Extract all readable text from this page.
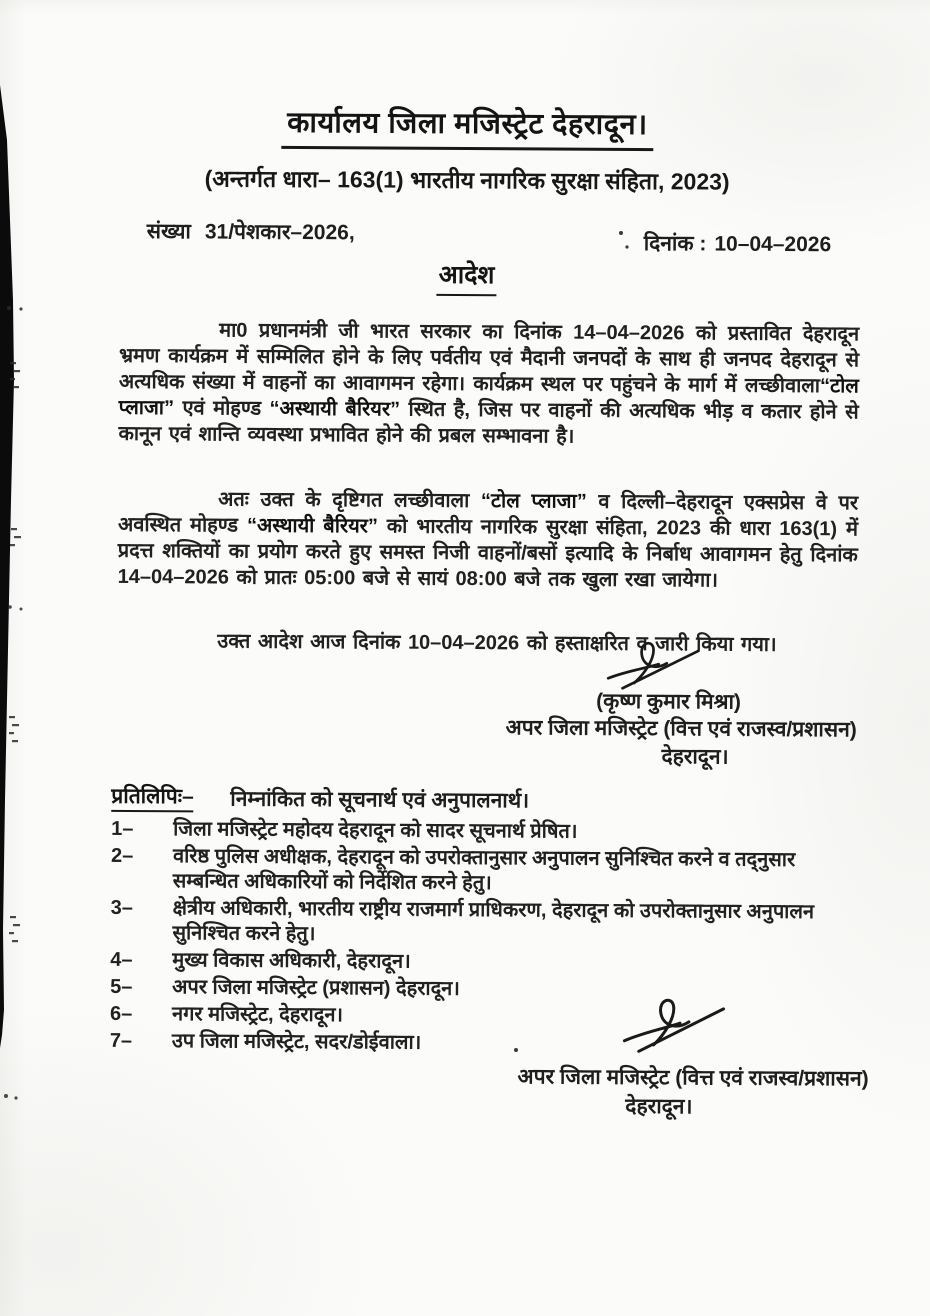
कार्यालय जिला मजिस्ट्रेट देहरादून।
(अन्तर्गत धारा– 163(1) भारतीय नागरिक सुरक्षा संहिता, 2023)
संख्या 31/पेशकार–2026,	दिनांक : 10–04–2026
आदेश

मा0 प्रधानमंत्री जी भारत सरकार का दिनांक 14–04–2026 को प्रस्तावित देहरादून भ्रमण कार्यक्रम में सम्मिलित होने के लिए पर्वतीय एवं मैदानी जनपदों के साथ ही जनपद देहरादून से अत्यधिक संख्या में वाहनों का आवागमन रहेगा। कार्यक्रम स्थल पर पहुंचने के मार्ग में लच्छीवाला“टोल प्लाजा” एवं मोहण्ड “अस्थायी बैरियर” स्थित है, जिस पर वाहनों की अत्यधिक भीड़ व कतार होने से कानून एवं शान्ति व्यवस्था प्रभावित होने की प्रबल सम्भावना है।

अतः उक्त के दृष्टिगत लच्छीवाला “टोल प्लाजा” व दिल्ली–देहरादून एक्सप्रेस वे पर अवस्थित मोहण्ड “अस्थायी बैरियर” को भारतीय नागरिक सुरक्षा संहिता, 2023 की धारा 163(1) में प्रदत्त शक्तियों का प्रयोग करते हुए समस्त निजी वाहनों/बसों इत्यादि के निर्बाध आवागमन हेतु दिनांक 14–04–2026 को प्रातः 05:00 बजे से सायं 08:00 बजे तक खुला रखा जायेगा।

उक्त आदेश आज दिनांक 10–04–2026 को हस्ताक्षरित व जारी किया गया।

(कृष्ण कुमार मिश्रा)
अपर जिला मजिस्ट्रेट (वित्त एवं राजस्व/प्रशासन)
देहरादून।
प्रतिलिपिः– निम्नांकित को सूचनार्थ एवं अनुपालनार्थ।
1–	जिला मजिस्ट्रेट महोदय देहरादून को सादर सूचनार्थ प्रेषित।
2–	वरिष्ठ पुलिस अधीक्षक, देहरादून को उपरोक्तानुसार अनुपालन सुनिश्चित करने व तद्नुसार सम्बन्धित अधिकारियों को निर्देशित करने हेतु।
3–	क्षेत्रीय अधिकारी, भारतीय राष्ट्रीय राजमार्ग प्राधिकरण, देहरादून को उपरोक्तानुसार अनुपालन सुनिश्चित करने हेतु।
4–	मुख्य विकास अधिकारी, देहरादून।
5–	अपर जिला मजिस्ट्रेट (प्रशासन) देहरादून।
6–	नगर मजिस्ट्रेट, देहरादून।
7–	उप जिला मजिस्ट्रेट, सदर/डोईवाला।
अपर जिला मजिस्ट्रेट (वित्त एवं राजस्व/प्रशासन)
देहरादून।
